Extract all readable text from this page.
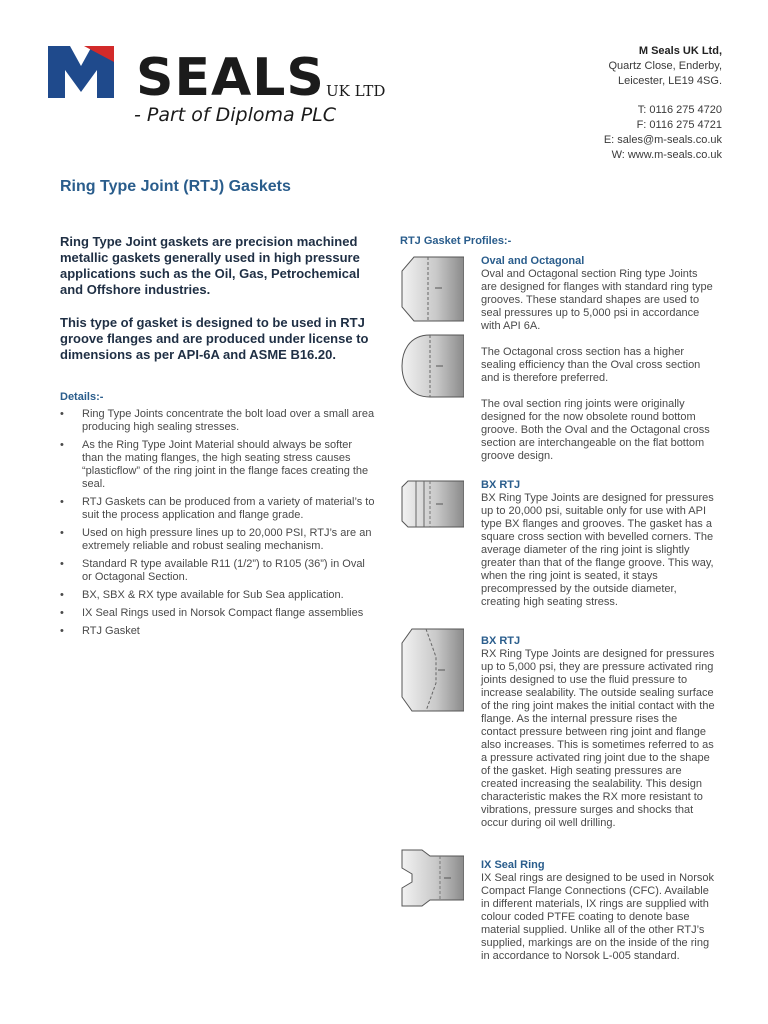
SEALS UK LTD
- Part of Diploma PLC
M Seals UK Ltd,
Quartz Close, Enderby,
Leicester, LE19 4SG.
T: 0116 275 4720
F: 0116 275 4721
E: sales@m-seals.co.uk
W: www.m-seals.co.uk
Ring Type Joint (RTJ) Gaskets
Ring Type Joint gaskets are precision machined metallic gaskets generally used in high pressure applications such as the Oil, Gas, Petrochemical and Offshore industries.
This type of gasket is designed to be used in RTJ groove flanges and are produced under license to dimensions as per API-6A and ASME B16.20.
Details:-
• Ring Type Joints concentrate the bolt load over a small area producing high sealing stresses.
• As the Ring Type Joint Material should always be softer than the mating flanges, the high seating stress causes “plasticflow” of the ring joint in the flange faces creating the seal.
• RTJ Gaskets can be produced from a variety of material’s to suit the process application and flange grade.
• Used on high pressure lines up to 20,000 PSI, RTJ’s are an extremely reliable and robust sealing mechanism.
• Standard R type available R11 (1/2”) to R105 (36”) in Oval or Octagonal Section.
• BX, SBX & RX type available for Sub Sea application.
• IX Seal Rings used in Norsok Compact flange assemblies
• RTJ Gasket
RTJ Gasket Profiles:-
Oval and Octagonal

Oval and Octagonal section Ring type Joints are designed for flanges with standard ring type grooves. These standard shapes are used to seal pressures up to 5,000 psi in accordance with API 6A.

The Octagonal cross section has a higher sealing efficiency than the Oval cross section and is therefore preferred.

The oval section ring joints were originally designed for the now obsolete round bottom groove. Both the Oval and the Octagonal cross section are interchangeable on the flat bottom groove design.

BX RTJ

BX Ring Type Joints are designed for pressures up to 20,000 psi, suitable only for use with API type BX flanges and grooves. The gasket has a square cross section with bevelled corners. The average diameter of the ring joint is slightly greater than that of the flange groove. This way, when the ring joint is seated, it stays precompressed by the outside diameter, creating high seating stress.

BX RTJ

RX Ring Type Joints are designed for pressures up to 5,000 psi, they are pressure activated ring joints designed to use the fluid pressure to increase sealability. The outside sealing surface of the ring joint makes the initial contact with the flange. As the internal pressure rises the contact pressure between ring joint and flange also increases. This is sometimes referred to as a pressure activated ring joint due to the shape of the gasket. High seating pressures are created increasing the sealability. This design characteristic makes the RX more resistant to vibrations, pressure surges and shocks that occur during oil well drilling.

IX Seal Ring

IX Seal rings are designed to be used in Norsok Compact Flange Connections (CFC). Available in different materials, IX rings are supplied with colour coded PTFE coating to denote base material supplied. Unlike all of the other RTJ’s supplied, markings are on the inside of the ring in accordance to Norsok L-005 standard.
